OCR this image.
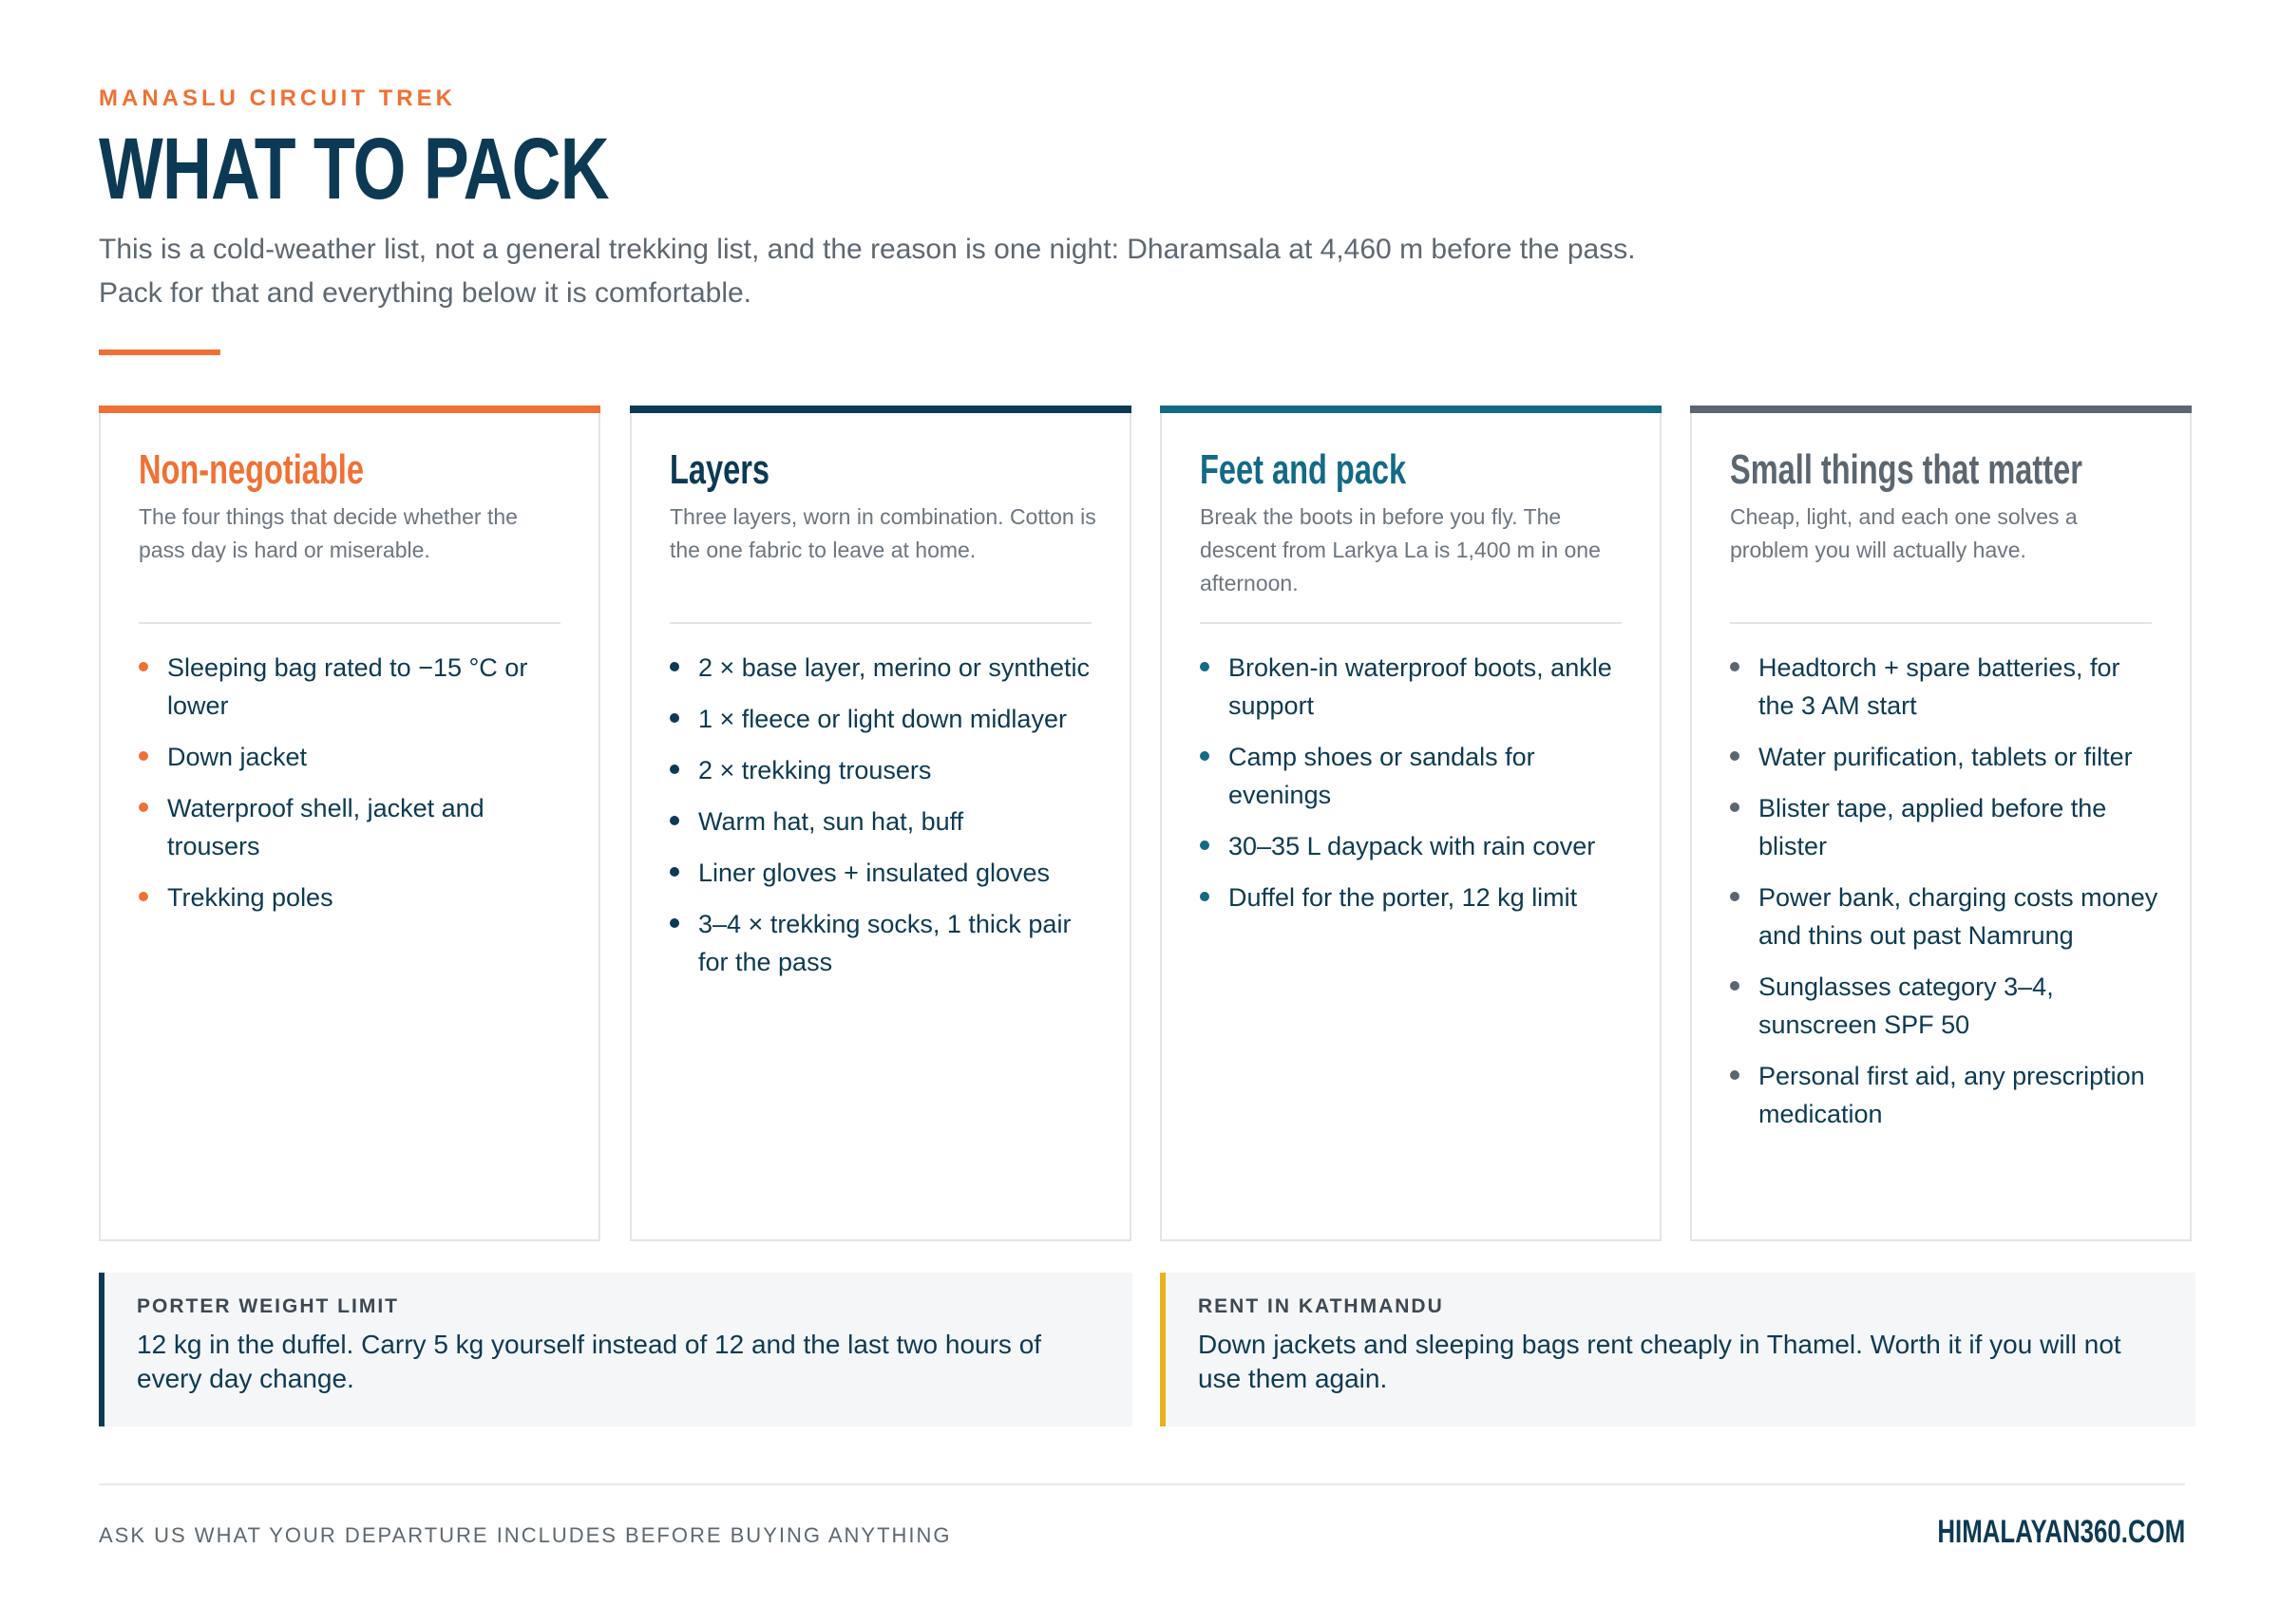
MANASLU CIRCUIT TREK
WHAT TO PACK
This is a cold-weather list, not a general trekking list, and the reason is one night: Dharamsala at 4,460 m before the pass. Pack for that and everything below it is comfortable.
Non-negotiable
The four things that decide whether the pass day is hard or miserable.
Sleeping bag rated to −15 °C or lower
Down jacket
Waterproof shell, jacket and trousers
Trekking poles
Layers
Three layers, worn in combination. Cotton is the one fabric to leave at home.
2 × base layer, merino or synthetic
1 × fleece or light down midlayer
2 × trekking trousers
Warm hat, sun hat, buff
Liner gloves + insulated gloves
3–4 × trekking socks, 1 thick pair for the pass
Feet and pack
Break the boots in before you fly. The descent from Larkya La is 1,400 m in one afternoon.
Broken-in waterproof boots, ankle support
Camp shoes or sandals for evenings
30–35 L daypack with rain cover
Duffel for the porter, 12 kg limit
Small things that matter
Cheap, light, and each one solves a problem you will actually have.
Headtorch + spare batteries, for the 3 AM start
Water purification, tablets or filter
Blister tape, applied before the blister
Power bank, charging costs money and thins out past Namrung
Sunglasses category 3–4, sunscreen SPF 50
Personal first aid, any prescription medication
PORTER WEIGHT LIMIT
12 kg in the duffel. Carry 5 kg yourself instead of 12 and the last two hours of every day change.
RENT IN KATHMANDU
Down jackets and sleeping bags rent cheaply in Thamel. Worth it if you will not use them again.
ASK US WHAT YOUR DEPARTURE INCLUDES BEFORE BUYING ANYTHING	HIMALAYAN360.COM
